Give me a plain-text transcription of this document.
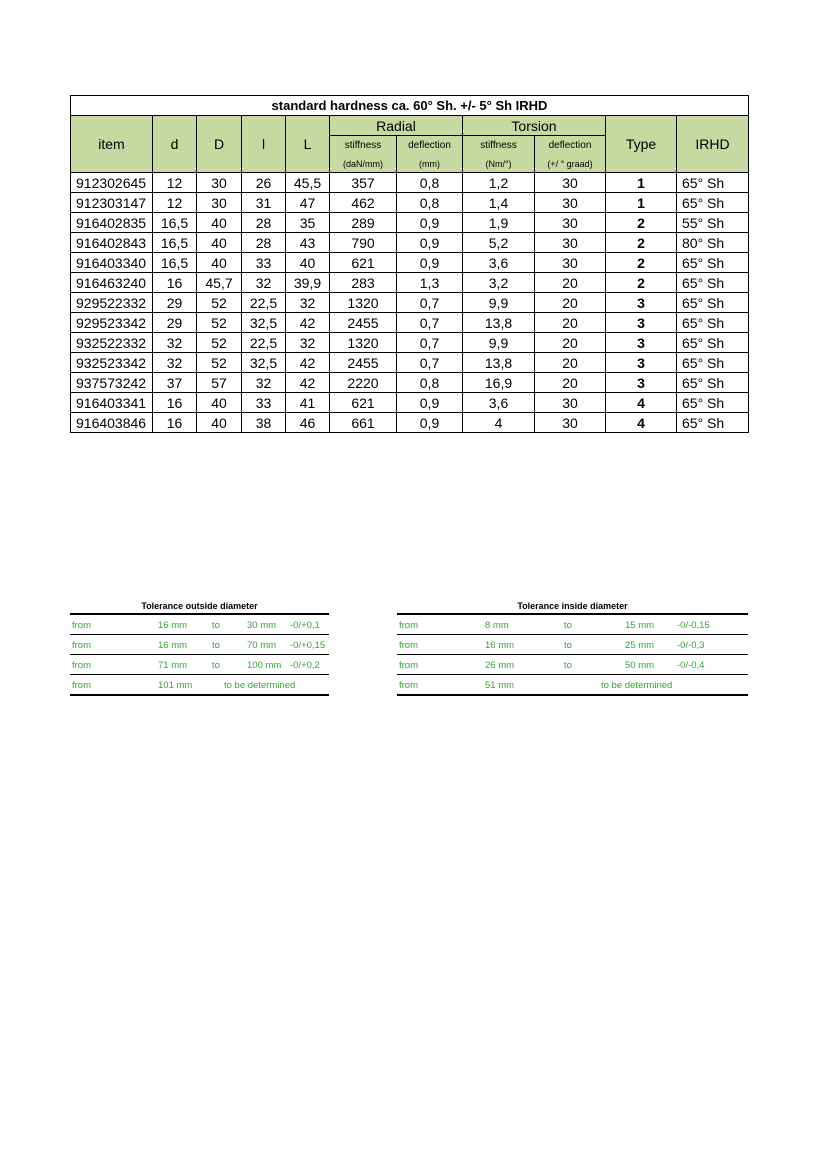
standard hardness ca. 60° Sh. +/- 5° Sh IRHD										
item	d	D	l	L	Radial		Torsion		Type	IRHD
					stiffness	deflection	stiffness	deflection		
					(daN/mm)	(mm)	(Nm/°)	(+/ ° graad)		
912302645	12	30	26	45,5	357	0,8	1,2	30	1	65° Sh
912303147	12	30	31	47	462	0,8	1,4	30	1	65° Sh
916402835	16,5	40	28	35	289	0,9	1,9	30	2	55° Sh
916402843	16,5	40	28	43	790	0,9	5,2	30	2	80° Sh
916403340	16,5	40	33	40	621	0,9	3,6	30	2	65° Sh
916463240	16	45,7	32	39,9	283	1,3	3,2	20	2	65° Sh
929522332	29	52	22,5	32	1320	0,7	9,9	20	3	65° Sh
929523342	29	52	32,5	42	2455	0,7	13,8	20	3	65° Sh
932522332	32	52	22,5	32	1320	0,7	9,9	20	3	65° Sh
932523342	32	52	32,5	42	2455	0,7	13,8	20	3	65° Sh
937573242	37	57	32	42	2220	0,8	16,9	20	3	65° Sh
916403341	16	40	33	41	621	0,9	3,6	30	4	65° Sh
916403846	16	40	38	46	661	0,9	4	30	4	65° Sh
Tolerance outside diameter
from	16 mm	to	30 mm -0/+0,1
from	16 mm	to	70 mm -0/+0,15
from	71 mm	to	100 mm -0/+0,2
from	101 mm	to be determined
Tolerance inside diameter
from	8 mm	to	15 mm -0/-0,15
from	16 mm	to	25 mm -0/-0,3
from	26 mm	to	50 mm -0/-0,4
from	51 mm	to be determined
